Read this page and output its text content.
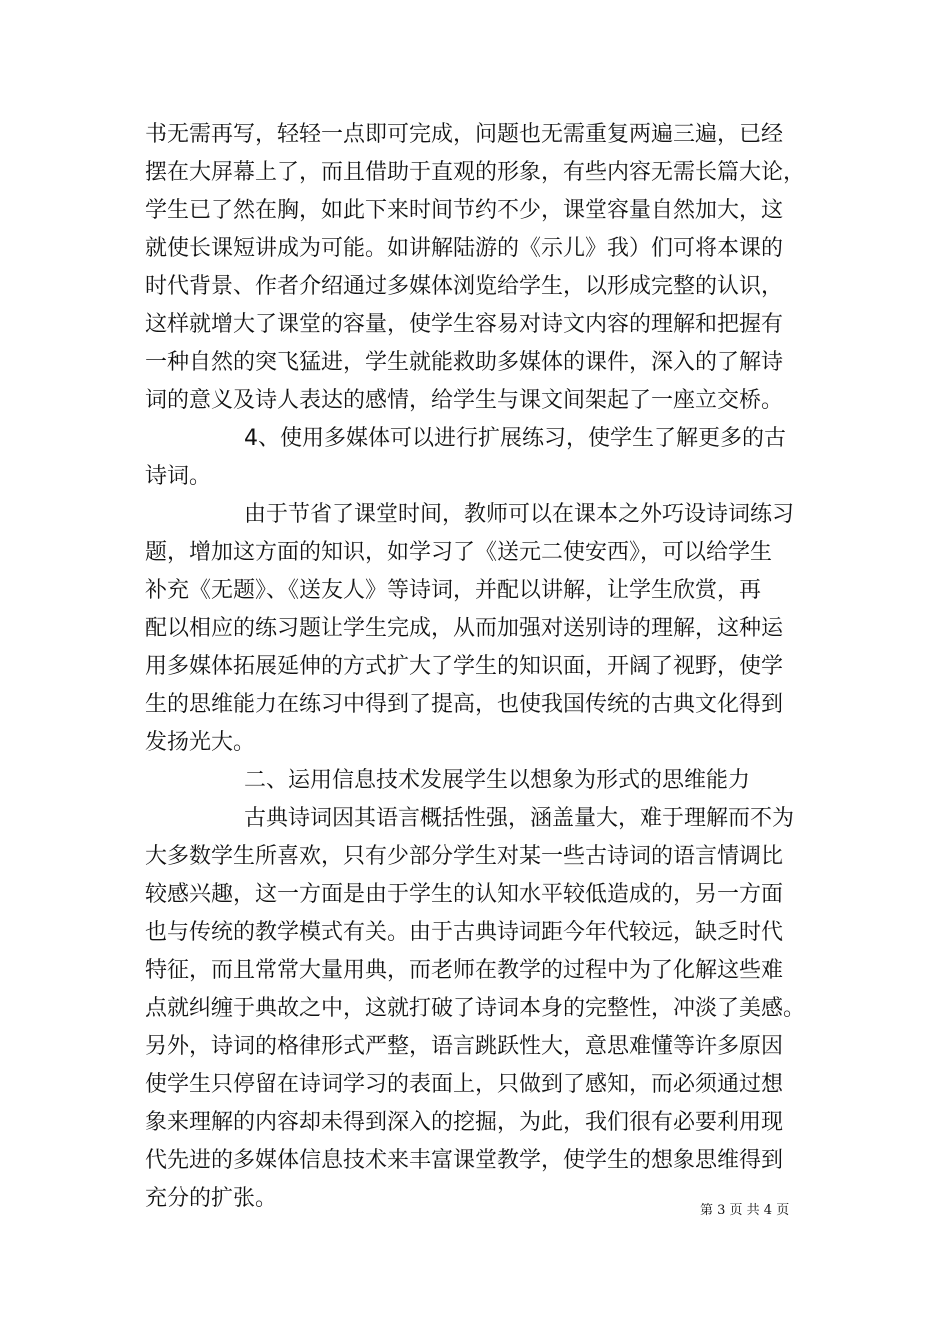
书无需再写，轻轻一点即可完成，问题也无需重复两遍三遍，已经
摆在大屏幕上了，而且借助于直观的形象，有些内容无需长篇大论，
学生已了然在胸，如此下来时间节约不少，课堂容量自然加大，这
就使长课短讲成为可能。如讲解陆游的《示儿》我）们可将本课的
时代背景、作者介绍通过多媒体浏览给学生，以形成完整的认识，
这样就增大了课堂的容量，使学生容易对诗文内容的理解和把握有
一种自然的突飞猛进，学生就能救助多媒体的课件，深入的了解诗
词的意义及诗人表达的感情，给学生与课文间架起了一座立交桥。
4、使用多媒体可以进行扩展练习，使学生了解更多的古
诗词。
由于节省了课堂时间，教师可以在课本之外巧设诗词练习
题，增加这方面的知识，如学习了《送元二使安西》，可以给学生
补充《无题》、《送友人》等诗词，并配以讲解，让学生欣赏，再
配以相应的练习题让学生完成，从而加强对送别诗的理解，这种运
用多媒体拓展延伸的方式扩大了学生的知识面，开阔了视野，使学
生的思维能力在练习中得到了提高，也使我国传统的古典文化得到
发扬光大。
二、运用信息技术发展学生以想象为形式的思维能力
古典诗词因其语言概括性强，涵盖量大，难于理解而不为
大多数学生所喜欢，只有少部分学生对某一些古诗词的语言情调比
较感兴趣，这一方面是由于学生的认知水平较低造成的，另一方面
也与传统的教学模式有关。由于古典诗词距今年代较远，缺乏时代
特征，而且常常大量用典，而老师在教学的过程中为了化解这些难
点就纠缠于典故之中，这就打破了诗词本身的完整性，冲淡了美感。
另外，诗词的格律形式严整，语言跳跃性大，意思难懂等许多原因
使学生只停留在诗词学习的表面上，只做到了感知，而必须通过想
象来理解的内容却未得到深入的挖掘，为此，我们很有必要利用现
代先进的多媒体信息技术来丰富课堂教学，使学生的想象思维得到
充分的扩张。	第 3 页 共 4 页
